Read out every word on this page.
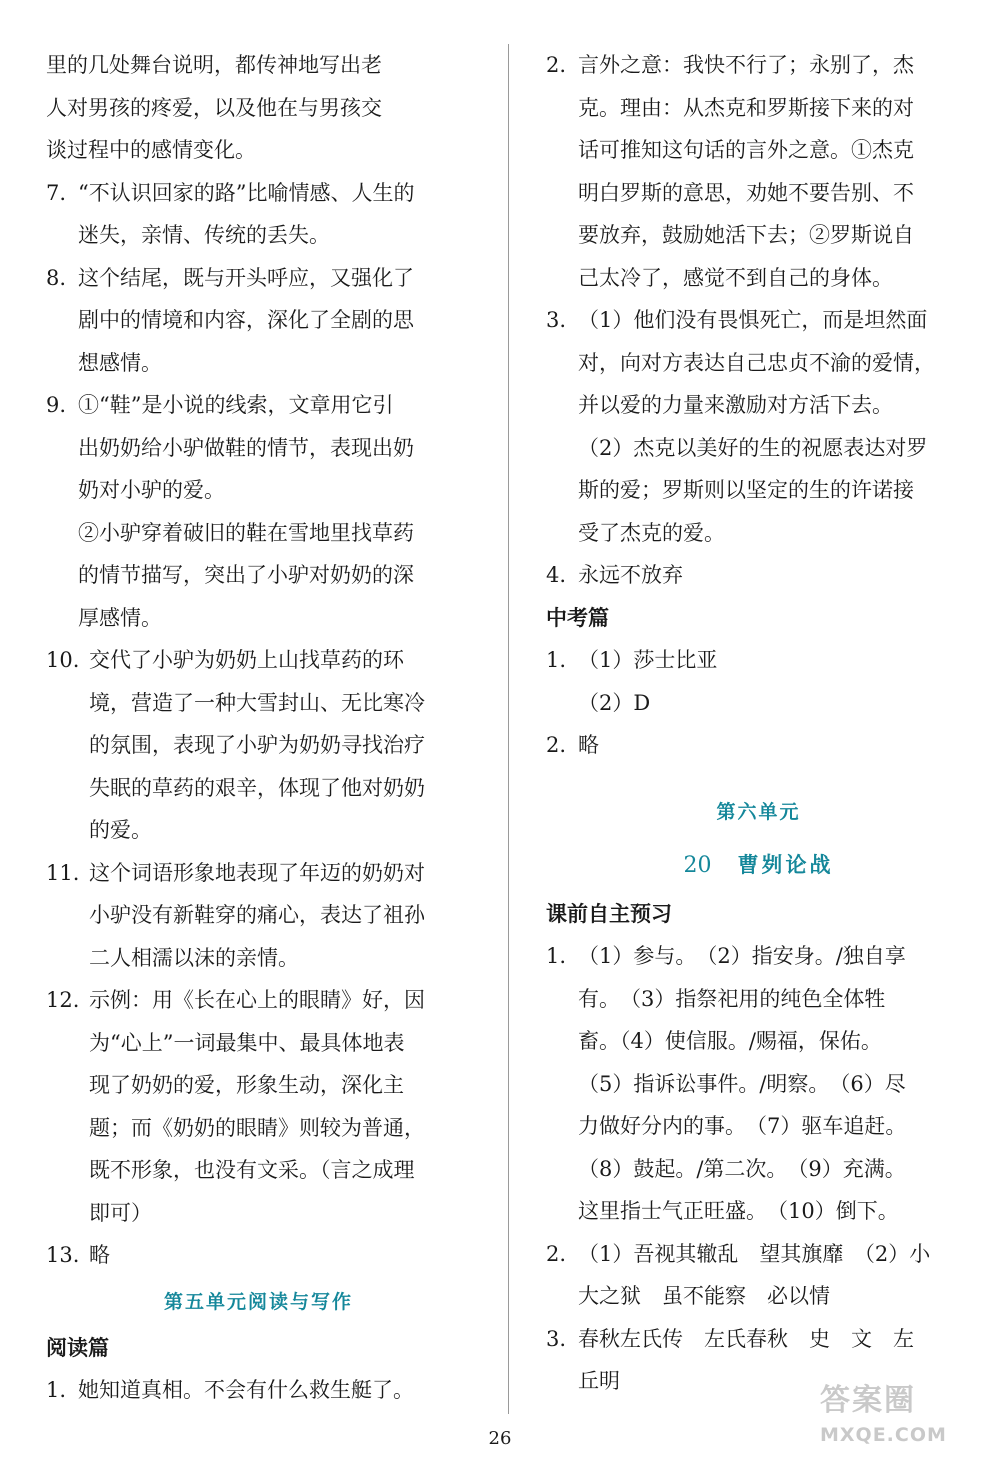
里的几处舞台说明，都传神地写出老
人对男孩的疼爱，以及他在与男孩交
谈过程中的感情变化。
7. “不认识回家的路”比喻情感、人生的
迷失，亲情、传统的丢失。
8. 这个结尾，既与开头呼应，又强化了
剧中的情境和内容，深化了全剧的思
想感情。
9. ①“鞋”是小说的线索，文章用它引
出奶奶给小驴做鞋的情节，表现出奶
奶对小驴的爱。
②小驴穿着破旧的鞋在雪地里找草药
的情节描写，突出了小驴对奶奶的深
厚感情。
10. 交代了小驴为奶奶上山找草药的环
境，营造了一种大雪封山、无比寒冷
的氛围，表现了小驴为奶奶寻找治疗
失眠的草药的艰辛，体现了他对奶奶
的爱。
11. 这个词语形象地表现了年迈的奶奶对
小驴没有新鞋穿的痛心，表达了祖孙
二人相濡以沫的亲情。
12. 示例：用《长在心上的眼睛》好，因
为“心上”一词最集中、最具体地表
现了奶奶的爱，形象生动，深化主
题；而《奶奶的眼睛》则较为普通，
既不形象，也没有文采。（言之成理
即可）
13. 略
第五单元阅读与写作
阅读篇
1. 她知道真相。不会有什么救生艇了。
2. 言外之意：我快不行了；永别了，杰
克。理由：从杰克和罗斯接下来的对
话可推知这句话的言外之意。①杰克
明白罗斯的意思，劝她不要告别、不
要放弃，鼓励她活下去；②罗斯说自
己太冷了，感觉不到自己的身体。
3. （1）他们没有畏惧死亡，而是坦然面
对，向对方表达自己忠贞不渝的爱情，
并以爱的力量来激励对方活下去。
（2）杰克以美好的生的祝愿表达对罗
斯的爱；罗斯则以坚定的生的许诺接
受了杰克的爱。
4. 永远不放弃
中考篇
1. （1）莎士比亚
（2）D
2. 略
第六单元
20 曹刿论战
课前自主预习
1. （1）参与。　（2）指安身。/独自享
有。　（3）指祭祀用的纯色全体牲
畜。（4）使信服。/赐福，保佑。
（5）指诉讼事件。/明察。　（6）尽
力做好分内的事。　（7）驱车追赶。
（8）鼓起。/第二次。　（9）充满。
这里指士气正旺盛。　（10）倒下。
2. （1）吾视其辙乱　望其旗靡　（2）小
大之狱　虽不能察　必以情
3. 春秋左氏传　左氏春秋　史　文　左
丘明
26
答案圈
MXQE.COM
